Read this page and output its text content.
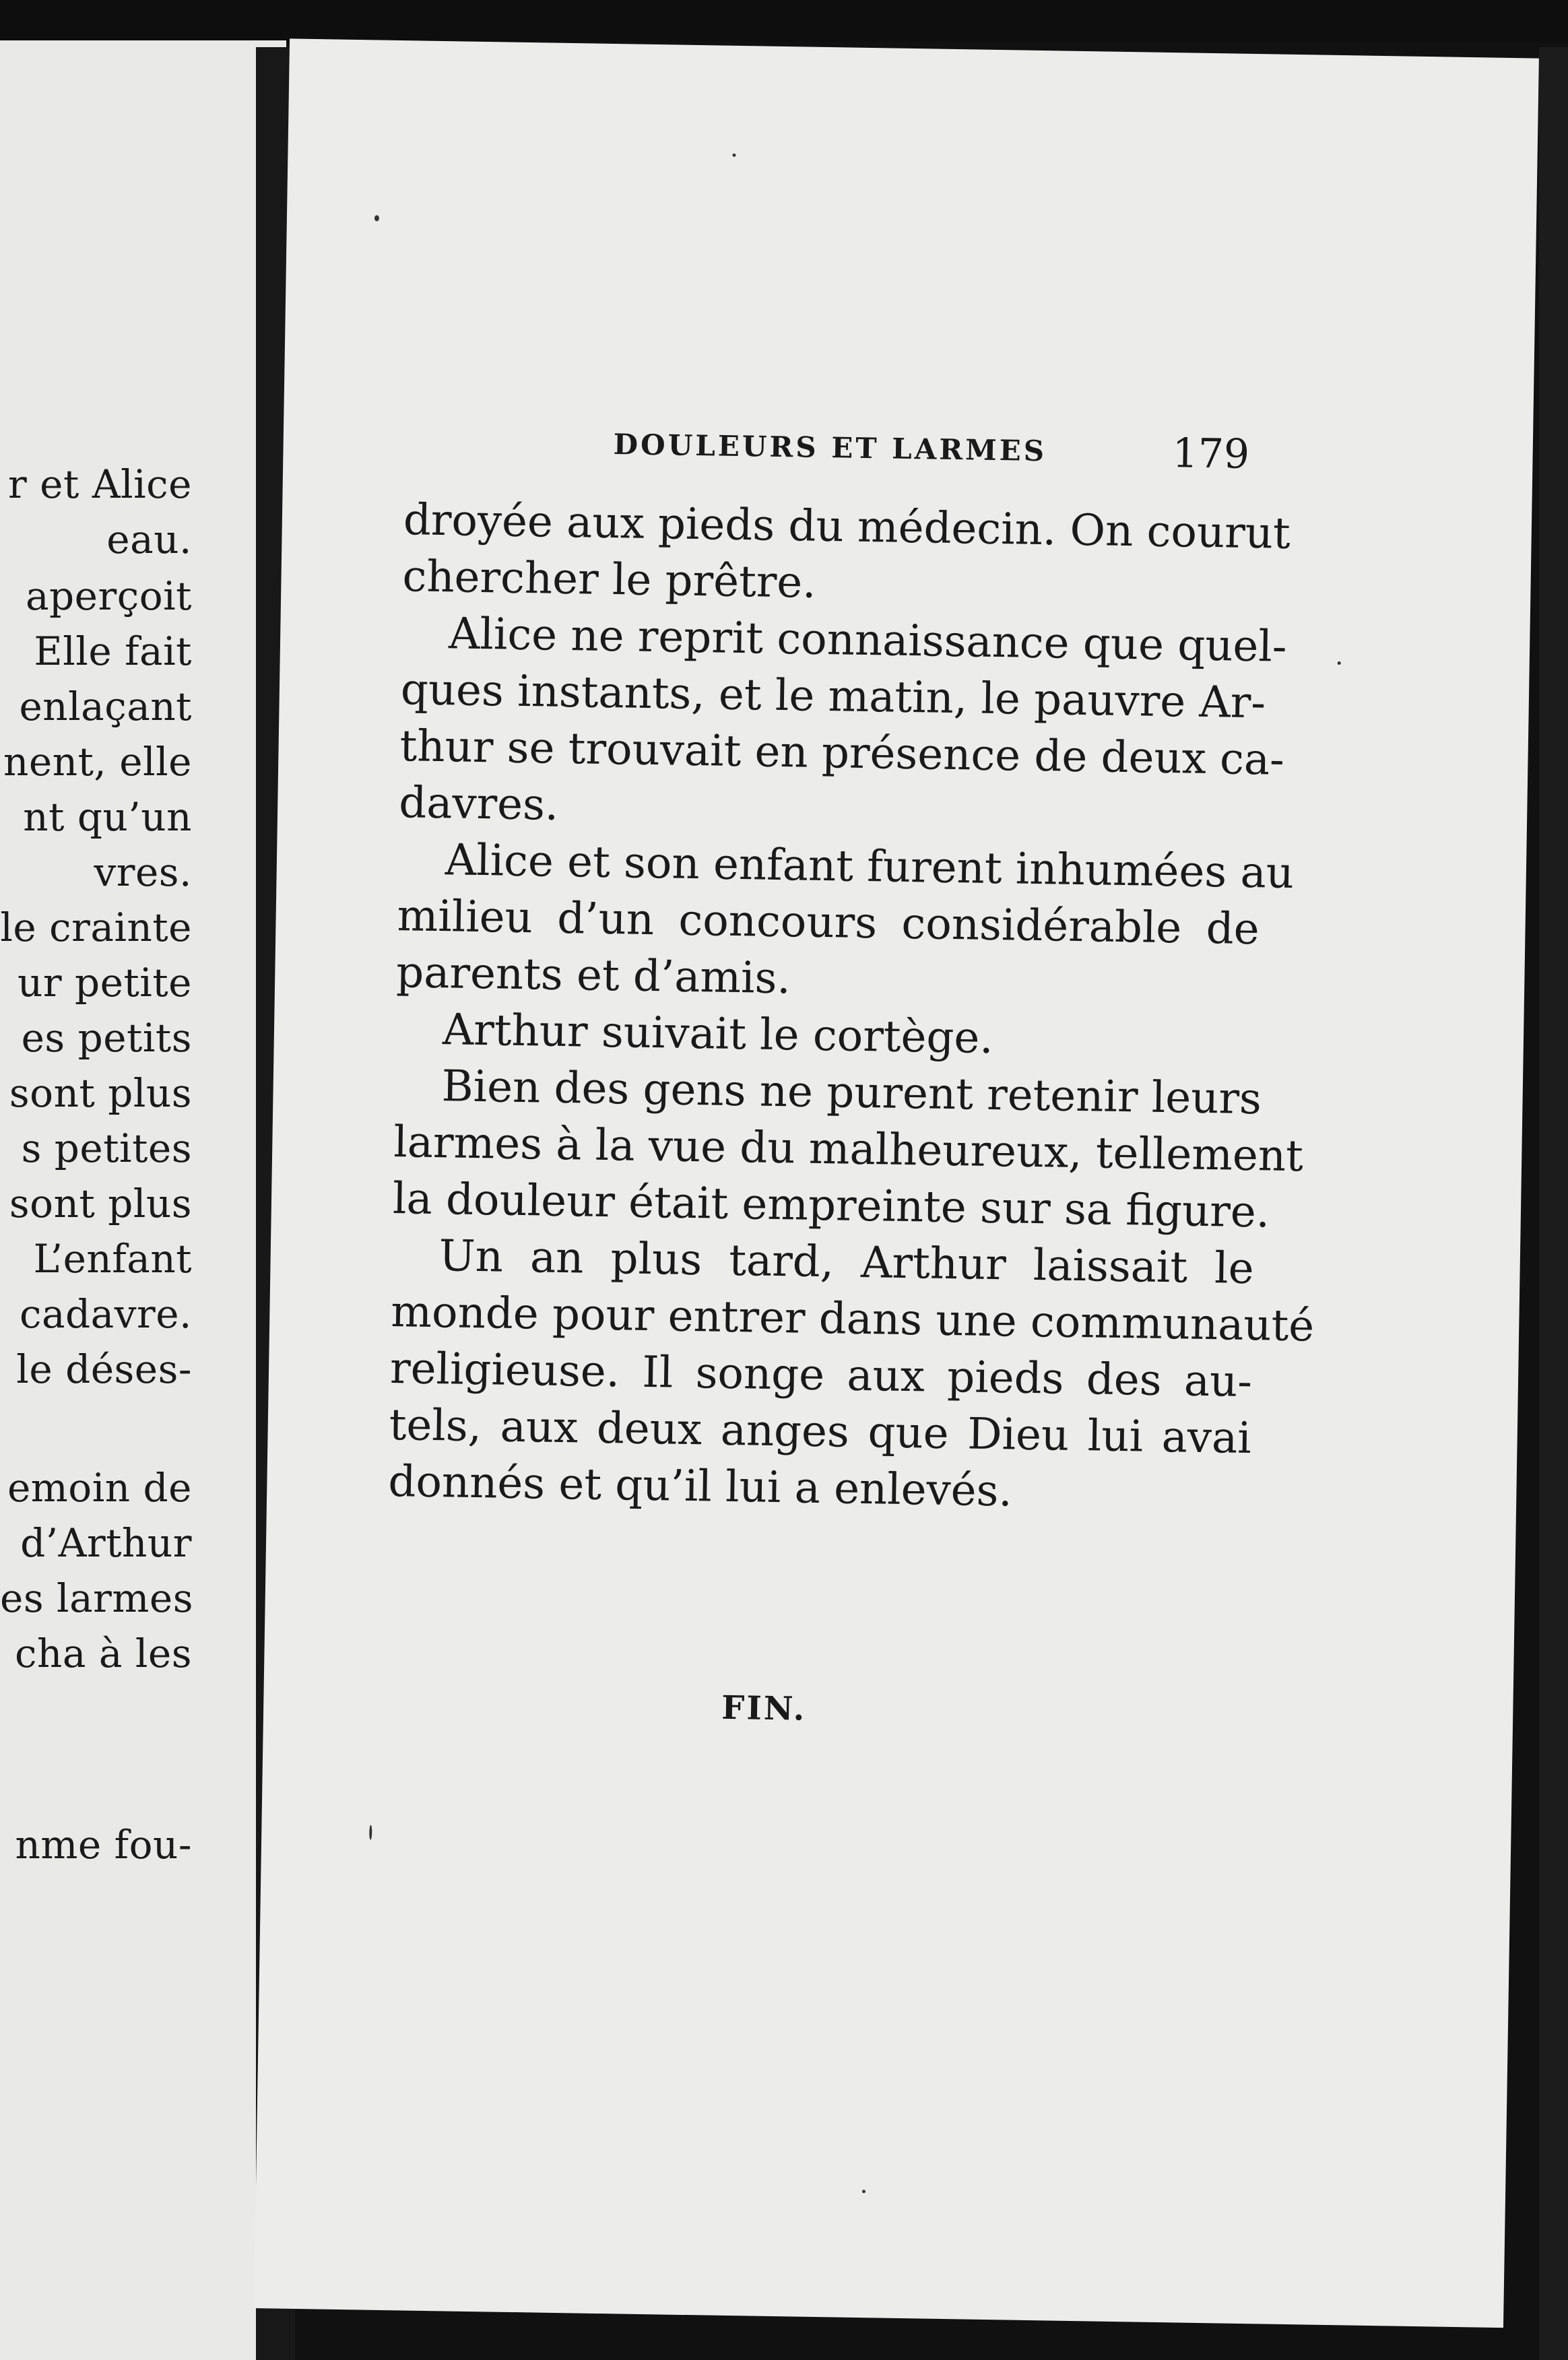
r et Alice
eau.
aperçoit
Elle fait
enlaçant
nent, elle
nt qu’un
vres.
le crainte
ur petite
es petits
sont plus
s petites
sont plus
L’enfant
cadavre.
le déses-
emoin de
d’Arthur
es larmes
cha à les
nme fou-
DOULEURS ET LARMES	179
droyée aux pieds du médecin. On courut
chercher le prêtre.
Alice ne reprit connaissance que quel-
ques instants, et le matin, le pauvre Ar-
thur se trouvait en présence de deux ca-
davres.
Alice et son enfant furent inhumées au
milieu d’un concours considérable de
parents et d’amis.
Arthur suivait le cortège.
Bien des gens ne purent retenir leurs
larmes à la vue du malheureux, tellement
la douleur était empreinte sur sa figure.
Un an plus tard, Arthur laissait le
monde pour entrer dans une communauté
religieuse. Il songe aux pieds des au-
tels, aux deux anges que Dieu lui avai
donnés et qu’il lui a enlevés.
FIN.
